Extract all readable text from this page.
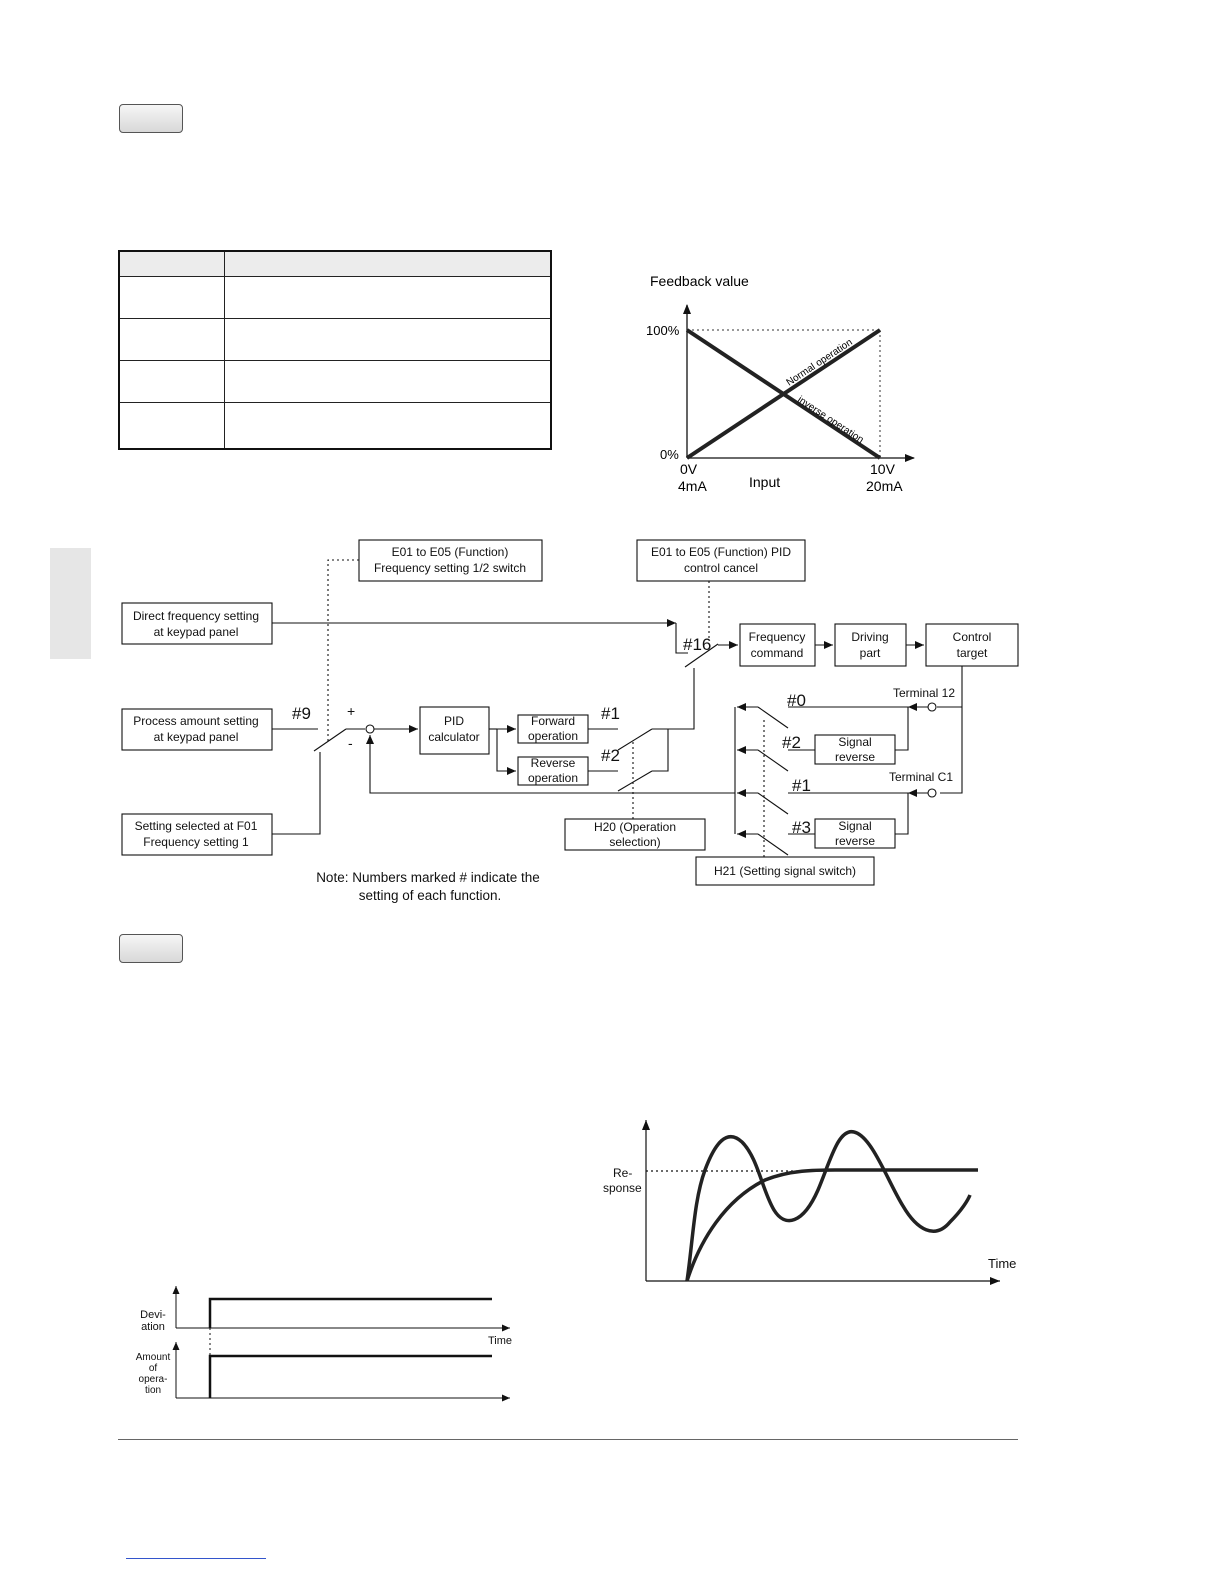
Feedback value
100%
0%
0V
4mA	Input
10V
20mA
Normal operation
inverse operation
E01 to E05 (Function)
Frequency setting 1/2 switch
E01 to E05 (Function) PID
control cancel
Direct frequency setting
at keypad panel
Process amount setting
at keypad panel
Setting selected at F01
Frequency setting 1
PID
calculator
Forward
operation
Reverse
operation
Frequency
command
Driving
part
Control
target
Signal
reverse
Signal
reverse
H20 (Operation
selection)
H21 (Setting signal switch)
Note: Numbers marked # indicate the
setting of each function.
Terminal 12
Terminal C1
#9
#16
#1
#2
#0
#2
#1
#3
+
-
Devi-
ation
Time
Amount
of
opera-
tion
Re-
sponse
Time
